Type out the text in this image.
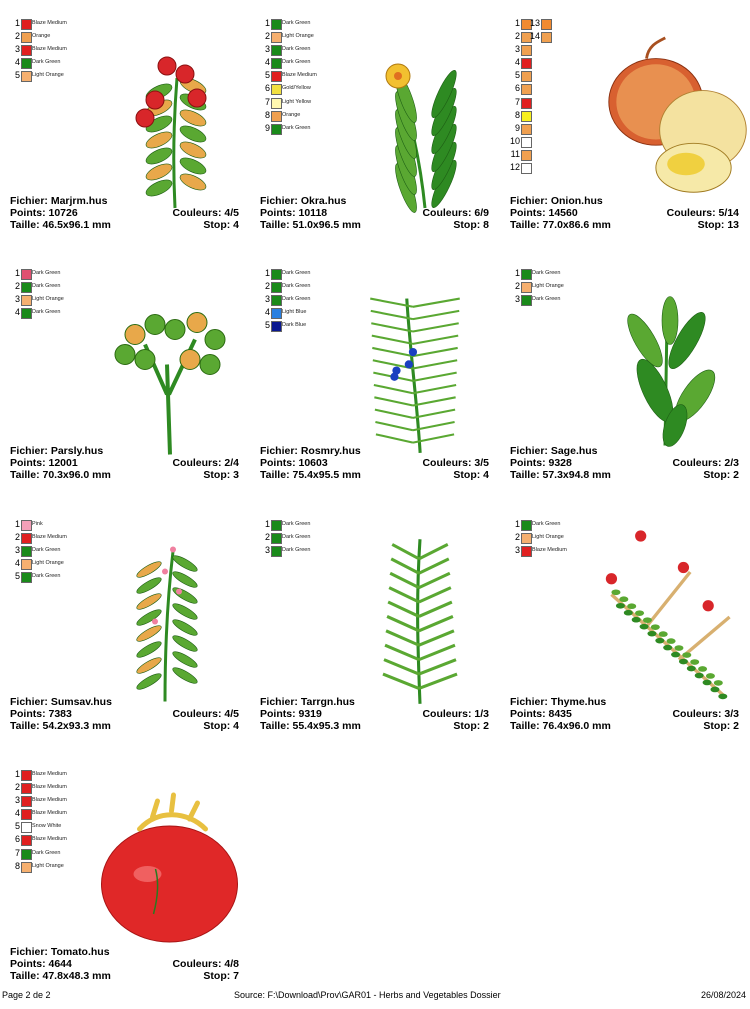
1 Blaze Medium
2 Orange
3 Blaze Medium
4 Dark Green
5 Light Orange
Fichier: Marjrm.hus
Points: 10726
Taille: 46.5x96.1 mm
Couleurs: 4/5
Stop: 4
1 Dark Green
2 Light Orange
3 Dark Green
4 Dark Green
5 Blaze Medium
6 Gold/Yellow
7 Light Yellow
8 Orange
9 Dark Green
Fichier: Okra.hus
Points: 10118
Taille: 51.0x96.5 mm
Couleurs: 6/9
Stop: 8
1
2
3
4
5
6
7
8
9
10
11
12
13
14
Fichier: Onion.hus
Points: 14560
Taille: 77.0x86.6 mm
Couleurs: 5/14
Stop: 13
1 Dark Green
2 Dark Green
3 Light Orange
4 Dark Green
Fichier: Parsly.hus
Points: 12001
Taille: 70.3x96.0 mm
Couleurs: 2/4
Stop: 3
1 Dark Green
2 Dark Green
3 Dark Green
4 Light Blue
5 Dark Blue
Fichier: Rosmry.hus
Points: 10603
Taille: 75.4x95.5 mm
Couleurs: 3/5
Stop: 4
1 Dark Green
2 Light Orange
3 Dark Green
Fichier: Sage.hus
Points: 9328
Taille: 57.3x94.8 mm
Couleurs: 2/3
Stop: 2
1 Pink
2 Blaze Medium
3 Dark Green
4 Light Orange
5 Dark Green
Fichier: Sumsav.hus
Points: 7383
Taille: 54.2x93.3 mm
Couleurs: 4/5
Stop: 4
1 Dark Green
2 Dark Green
3 Dark Green
Fichier: Tarrgn.hus
Points: 9319
Taille: 55.4x95.3 mm
Couleurs: 1/3
Stop: 2
1 Dark Green
2 Light Orange
3 Blaze Medium
Fichier: Thyme.hus
Points: 8435
Taille: 76.4x96.0 mm
Couleurs: 3/3
Stop: 2
1 Blaze Medium
2 Blaze Medium
3 Blaze Medium
4 Blaze Medium
5 Snow White
6 Blaze Medium
7 Dark Green
8 Light Orange
Fichier: Tomato.hus
Points: 4644
Taille: 47.8x48.3 mm
Couleurs: 4/8
Stop: 7
Page 2 de 2	Source: F:\Download\Prov\GAR01 - Herbs and Vegetables Dossier	26/08/2024
